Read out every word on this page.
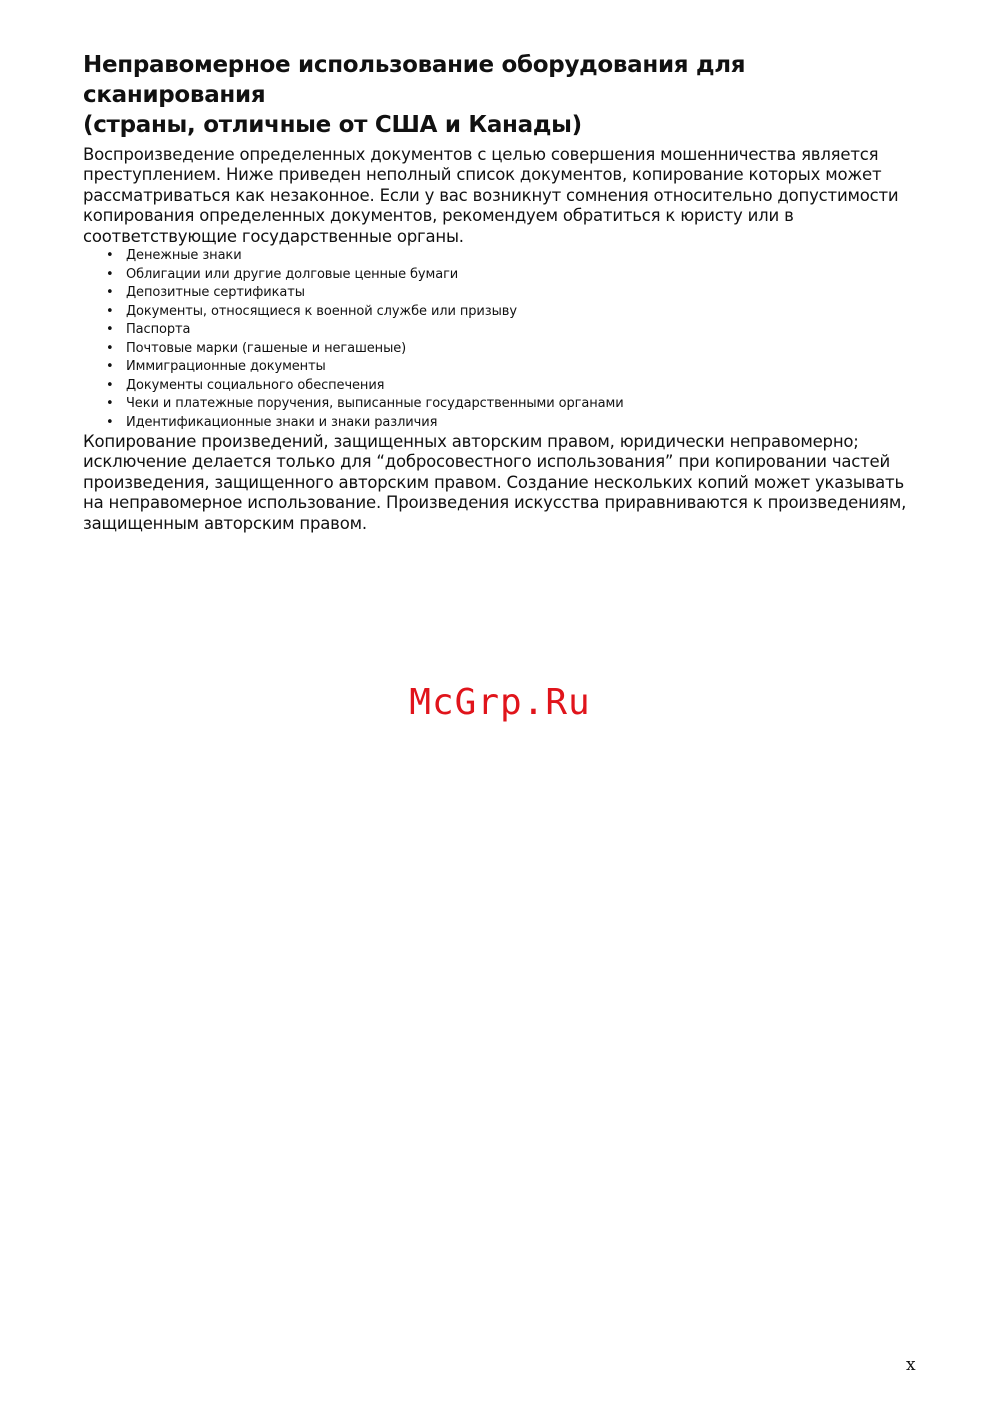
Неправомерное использование оборудования для сканирования
(страны, отличные от США и Канады)

Воспроизведение определенных документов с целью совершения мошенничества является преступлением. Ниже приведен неполный список документов, копирование которых может рассматриваться как незаконное. Если у вас возникнут сомнения относительно допустимости копирования определенных документов, рекомендуем обратиться к юристу или в соответствующие государственные органы.

• Денежные знаки
• Облигации или другие долговые ценные бумаги
• Депозитные сертификаты
• Документы, относящиеся к военной службе или призыву
• Паспорта
• Почтовые марки (гашеные и негашеные)
• Иммиграционные документы
• Документы социального обеспечения
• Чеки и платежные поручения, выписанные государственными органами
• Идентификационные знаки и знаки различия

Копирование произведений, защищенных авторским правом, юридически неправомерно; исключение делается только для “добросовестного использования” при копировании частей произведения, защищенного авторским правом. Создание нескольких копий может указывать на неправомерное использование. Произведения искусства приравниваются к произведениям, защищенным авторским правом.

McGrp.Ru
x
